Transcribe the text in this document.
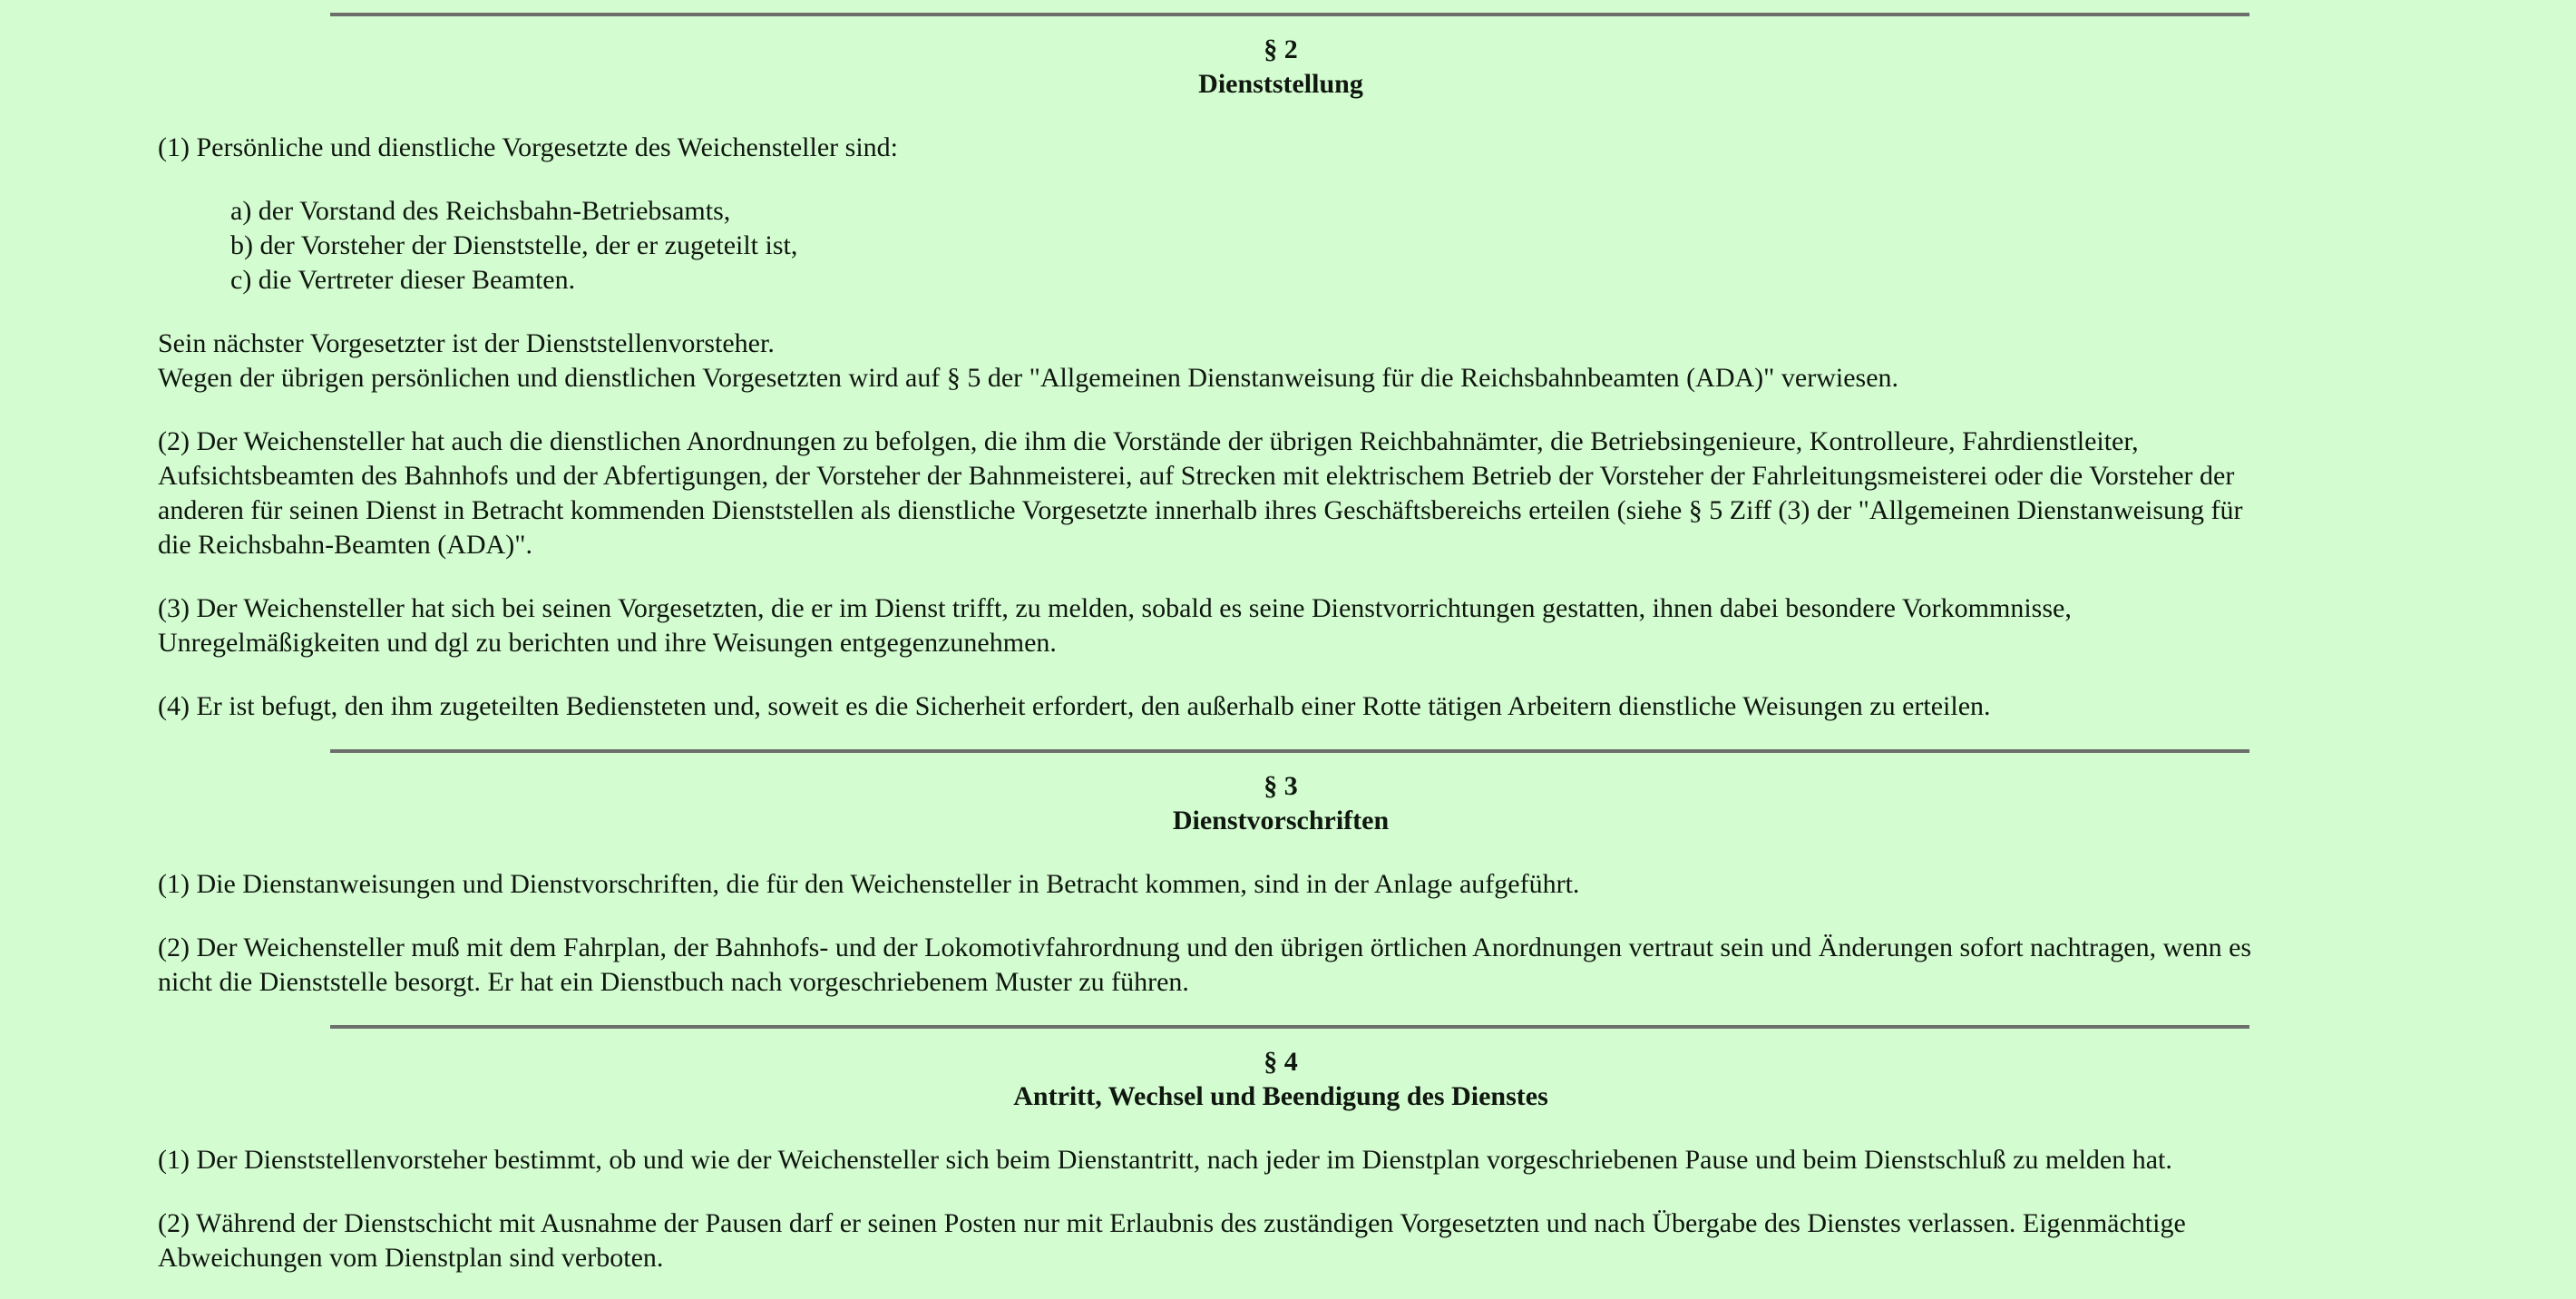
§ 2
Dienststellung

(1) Persönliche und dienstliche Vorgesetzte des Weichensteller sind:

a) der Vorstand des Reichsbahn-Betriebsamts,
b) der Vorsteher der Dienststelle, der er zugeteilt ist,
c) die Vertreter dieser Beamten.

Sein nächster Vorgesetzter ist der Dienststellenvorsteher.
Wegen der übrigen persönlichen und dienstlichen Vorgesetzten wird auf § 5 der "Allgemeinen Dienstanweisung für die Reichsbahnbeamten (ADA)" verwiesen.

(2) Der Weichensteller hat auch die dienstlichen Anordnungen zu befolgen, die ihm die Vorstände der übrigen Reichbahnämter, die Betriebsingenieure, Kontrolleure, Fahrdienstleiter,
Aufsichtsbeamten des Bahnhofs und der Abfertigungen, der Vorsteher der Bahnmeisterei, auf Strecken mit elektrischem Betrieb der Vorsteher der Fahrleitungsmeisterei oder die Vorsteher der
anderen für seinen Dienst in Betracht kommenden Dienststellen als dienstliche Vorgesetzte innerhalb ihres Geschäftsbereichs erteilen (siehe § 5 Ziff (3) der "Allgemeinen Dienstanweisung für
die Reichsbahn-Beamten (ADA)".

(3) Der Weichensteller hat sich bei seinen Vorgesetzten, die er im Dienst trifft, zu melden, sobald es seine Dienstvorrichtungen gestatten, ihnen dabei besondere Vorkommnisse,
Unregelmäßigkeiten und dgl zu berichten und ihre Weisungen entgegenzunehmen.

(4) Er ist befugt, den ihm zugeteilten Bediensteten und, soweit es die Sicherheit erfordert, den außerhalb einer Rotte tätigen Arbeitern dienstliche Weisungen zu erteilen.

§ 3
Dienstvorschriften

(1) Die Dienstanweisungen und Dienstvorschriften, die für den Weichensteller in Betracht kommen, sind in der Anlage aufgeführt.

(2) Der Weichensteller muß mit dem Fahrplan, der Bahnhofs- und der Lokomotivfahrordnung und den übrigen örtlichen Anordnungen vertraut sein und Änderungen sofort nachtragen, wenn es
nicht die Dienststelle besorgt. Er hat ein Dienstbuch nach vorgeschriebenem Muster zu führen.

§ 4
Antritt, Wechsel und Beendigung des Dienstes

(1) Der Dienststellenvorsteher bestimmt, ob und wie der Weichensteller sich beim Dienstantritt, nach jeder im Dienstplan vorgeschriebenen Pause und beim Dienstschluß zu melden hat.

(2) Während der Dienstschicht mit Ausnahme der Pausen darf er seinen Posten nur mit Erlaubnis des zuständigen Vorgesetzten und nach Übergabe des Dienstes verlassen. Eigenmächtige
Abweichungen vom Dienstplan sind verboten.
